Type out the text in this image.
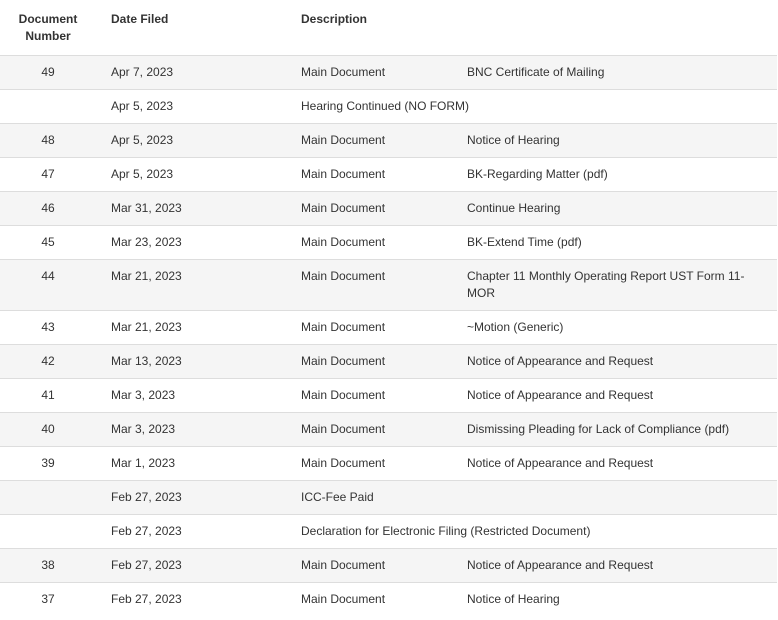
Document
Number	Date Filed	Description	
49	Apr 7, 2023	Main Document	BNC Certificate of Mailing
	Apr 5, 2023	Hearing Continued (NO FORM)	
48	Apr 5, 2023	Main Document	Notice of Hearing
47	Apr 5, 2023	Main Document	BK-Regarding Matter (pdf)
46	Mar 31, 2023	Main Document	Continue Hearing
45	Mar 23, 2023	Main Document	BK-Extend Time (pdf)
44	Mar 21, 2023	Main Document	Chapter 11 Monthly Operating Report UST Form 11-MOR
43	Mar 21, 2023	Main Document	~Motion (Generic)
42	Mar 13, 2023	Main Document	Notice of Appearance and Request
41	Mar 3, 2023	Main Document	Notice of Appearance and Request
40	Mar 3, 2023	Main Document	Dismissing Pleading for Lack of Compliance (pdf)
39	Mar 1, 2023	Main Document	Notice of Appearance and Request
	Feb 27, 2023	ICC-Fee Paid	
	Feb 27, 2023	Declaration for Electronic Filing (Restricted Document)	
38	Feb 27, 2023	Main Document	Notice of Appearance and Request
37	Feb 27, 2023	Main Document	Notice of Hearing
